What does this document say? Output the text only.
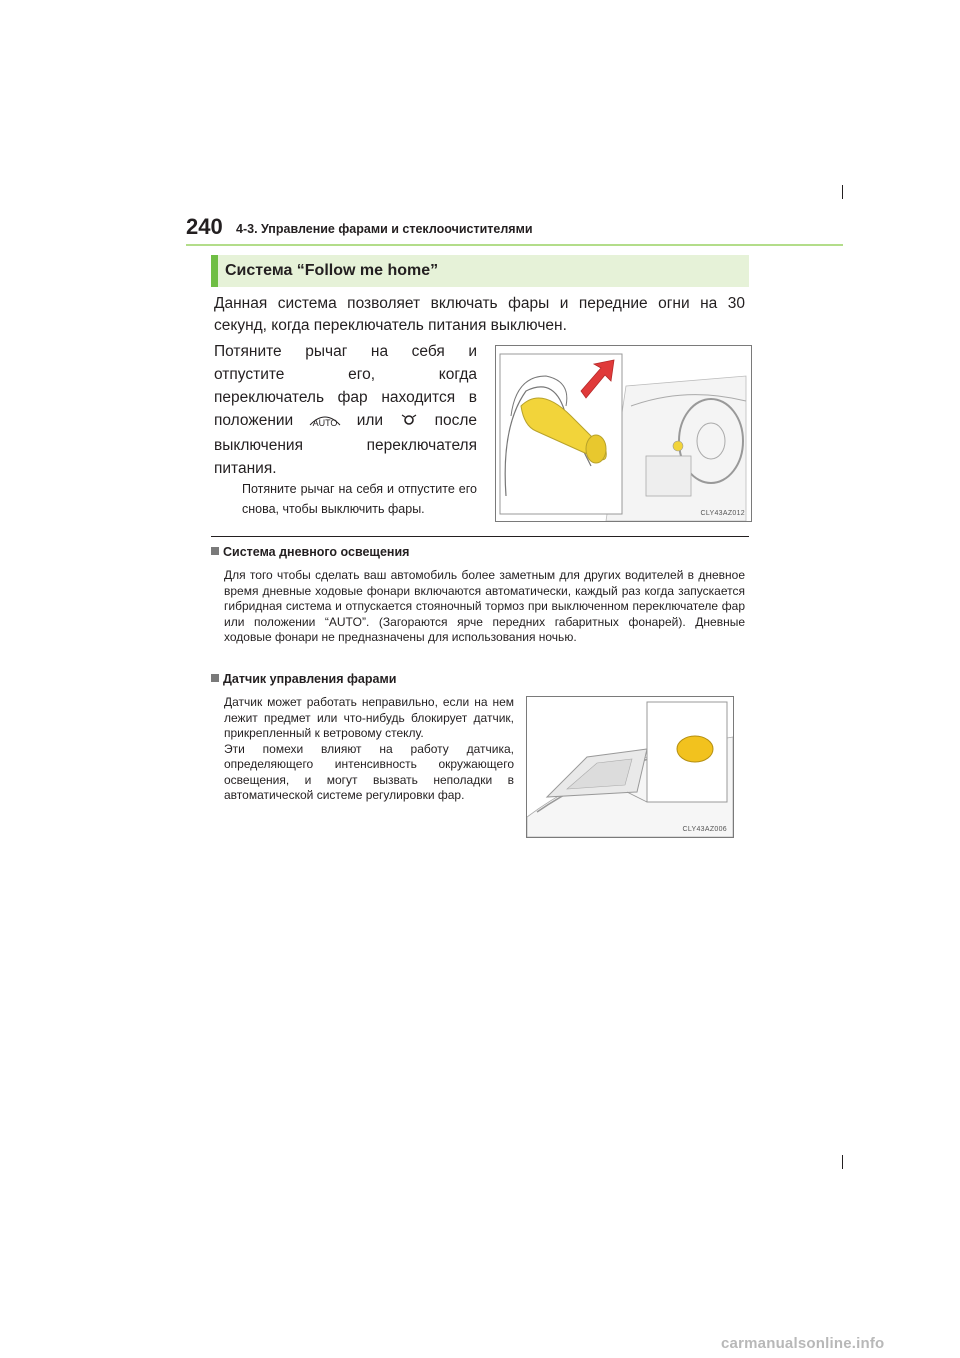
240 4-3. Управление фарами и стеклоочистителями
Система “Follow me home”
Данная система позволяет включать фары и передние огни на 30 секунд, когда переключатель питания выключен.
Потяните рычаг на себя и
отпустите его, когда
переключатель фар находится в
положении AUTO или	после
выключения переключателя
питания.
Потяните рычаг на себя и отпустите его снова, чтобы выключить фары.	CLY43AZ012
Система дневного освещения
Для того чтобы сделать ваш автомобиль более заметным для других водителей в дневное время дневные ходовые фонари включаются автоматически, каждый раз когда запускается гибридная система и отпускается стояночный тормоз при выключенном переключателе фар или положении “AUTO”. (Загораются ярче передних габаритных фонарей). Дневные ходовые фонари не предназначены для использования ночью.
Датчик управления фарами
Датчик может работать неправильно, если на нем лежит предмет или что-нибудь блокирует датчик, прикрепленный к ветровому стеклу.
Эти помехи влияют на работу датчика, определяющего интенсивность окружающего освещения, и могут вызвать неполадки в автоматической системе регулировки фар.
CLY43AZ006
carmanualsonline.info
